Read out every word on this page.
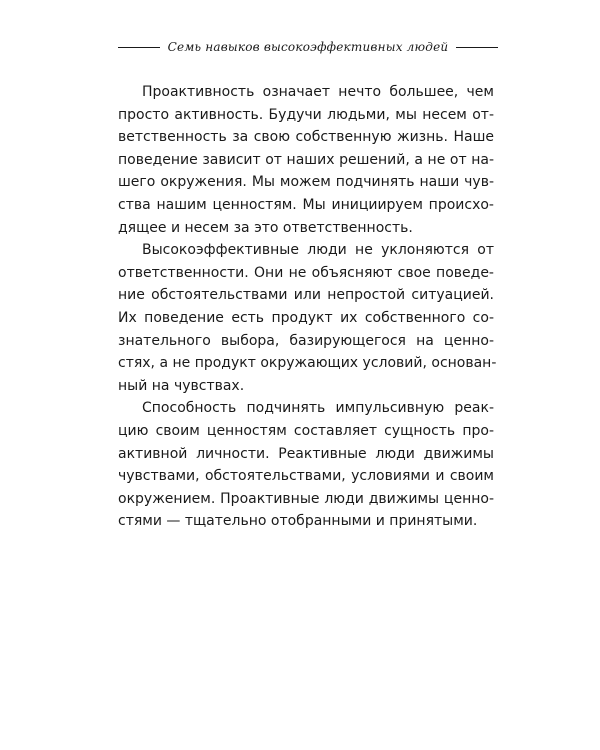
Семь навыков высокоэффективных людей

Проактивность означает нечто большее, чем
просто активность. Будучи людьми, мы несем от-
ветственность за свою собственную жизнь. Наше
поведение зависит от наших решений, а не от на-
шего окружения. Мы можем подчинять наши чув-
ства нашим ценностям. Мы инициируем происхо-
дящее и несем за это ответственность.

Высокоэффективные люди не уклоняются от
ответственности. Они не объясняют свое поведе-
ние обстоятельствами или непростой ситуацией.
Их поведение есть продукт их собственного со-
знательного выбора, базирующегося на ценно-
стях, а не продукт окружающих условий, основан-
ный на чувствах.

Способность подчинять импульсивную реак-
цию своим ценностям составляет сущность про-
активной личности. Реактивные люди движимы
чувствами, обстоятельствами, условиями и своим
окружением. Проактивные люди движимы ценно-
стями — тщательно отобранными и принятыми.
